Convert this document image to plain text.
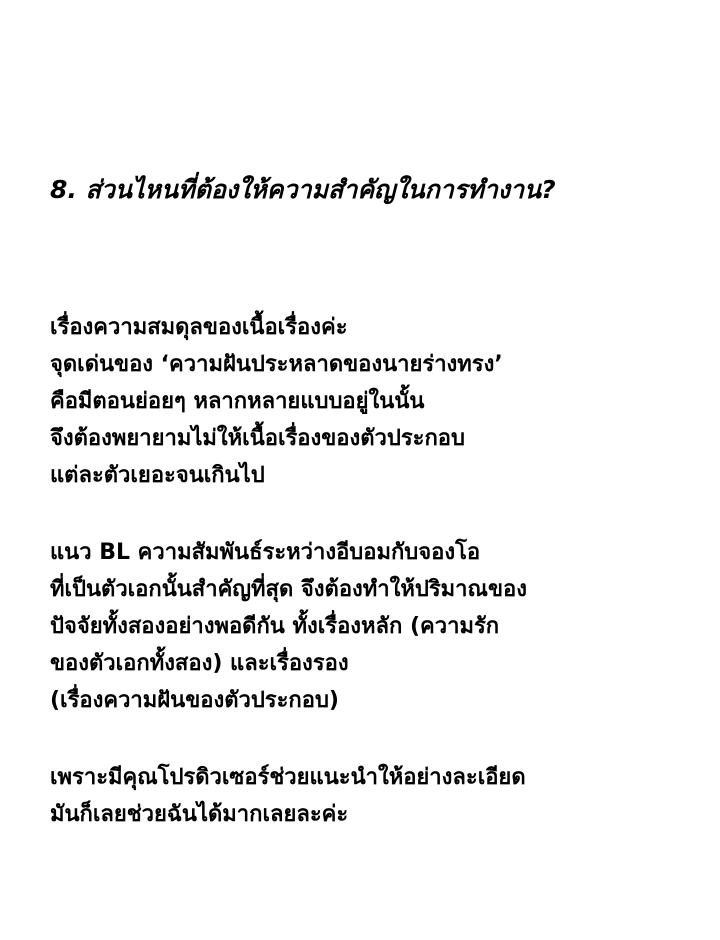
8. ส่วนไหนที่ต้องให้ความสำคัญในการทำงาน?
เรื่องความสมดุลของเนื้อเรื่องค่ะ
จุดเด่นของ ‘ความฝันประหลาดของนายร่างทรง’
คือมีตอนย่อยๆ หลากหลายแบบอยู่ในนั้น
จึงต้องพยายามไม่ให้เนื้อเรื่องของตัวประกอบ
แต่ละตัวเยอะจนเกินไป
แนว BL ความสัมพันธ์ระหว่างอีบอมกับจองโอ
ที่เป็นตัวเอกนั้นสำคัญที่สุด จึงต้องทำให้ปริมาณของ
ปัจจัยทั้งสองอย่างพอดีกัน ทั้งเรื่องหลัก (ความรัก
ของตัวเอกทั้งสอง) และเรื่องรอง
(เรื่องความฝันของตัวประกอบ)
เพราะมีคุณโปรดิวเซอร์ช่วยแนะนำให้อย่างละเอียด
มันก็เลยช่วยฉันได้มากเลยละค่ะ
